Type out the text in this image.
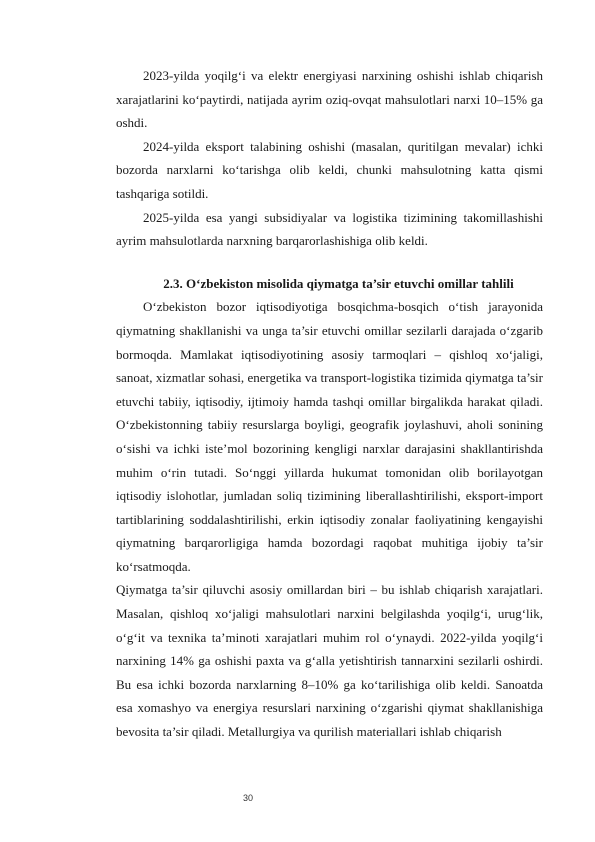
2023-yilda yoqilg‘i va elektr energiyasi narxining oshishi ishlab chiqarish xarajatlarini ko‘paytirdi, natijada ayrim oziq-ovqat mahsulotlari narxi 10–15% ga oshdi.

2024-yilda eksport talabining oshishi (masalan, quritilgan mevalar) ichki bozorda narxlarni ko‘tarishga olib keldi, chunki mahsulotning katta qismi tashqariga sotildi.

2025-yilda esa yangi subsidiyalar va logistika tizimining takomillashishi ayrim mahsulotlarda narxning barqarorlashishiga olib keldi.

2.3. O‘zbekiston misolida qiymatga ta’sir etuvchi omillar tahlili

O‘zbekiston bozor iqtisodiyotiga bosqichma-bosqich o‘tish jarayonida qiymatning shakllanishi va unga ta’sir etuvchi omillar sezilarli darajada o‘zgarib bormoqda. Mamlakat iqtisodiyotining asosiy tarmoqlari – qishloq xo‘jaligi, sanoat, xizmatlar sohasi, energetika va transport-logistika tizimida qiymatga ta’sir etuvchi tabiiy, iqtisodiy, ijtimoiy hamda tashqi omillar birgalikda harakat qiladi. O‘zbekistonning tabiiy resurslarga boyligi, geografik joylashuvi, aholi sonining o‘sishi va ichki iste’mol bozorining kengligi narxlar darajasini shakllantirishda muhim o‘rin tutadi. So‘nggi yillarda hukumat tomonidan olib borilayotgan iqtisodiy islohotlar, jumladan soliq tizimining liberallashtirilishi, eksport-import tartiblarining soddalashtirilishi, erkin iqtisodiy zonalar faoliyatining kengayishi qiymatning barqarorligiga hamda bozordagi raqobat muhitiga ijobiy ta’sir ko‘rsatmoqda.

Qiymatga ta’sir qiluvchi asosiy omillardan biri – bu ishlab chiqarish xarajatlari. Masalan, qishloq xo‘jaligi mahsulotlari narxini belgilashda yoqilg‘i, urug‘lik, o‘g‘it va texnika ta’minoti xarajatlari muhim rol o‘ynaydi. 2022-yilda yoqilg‘i narxining 14% ga oshishi paxta va g‘alla yetishtirish tannarxini sezilarli oshirdi. Bu esa ichki bozorda narxlarning 8–10% ga ko‘tarilishiga olib keldi. Sanoatda esa xomashyo va energiya resurslari narxining o‘zgarishi qiymat shakllanishiga bevosita ta’sir qiladi. Metallurgiya va qurilish materiallari ishlab chiqarish

30
